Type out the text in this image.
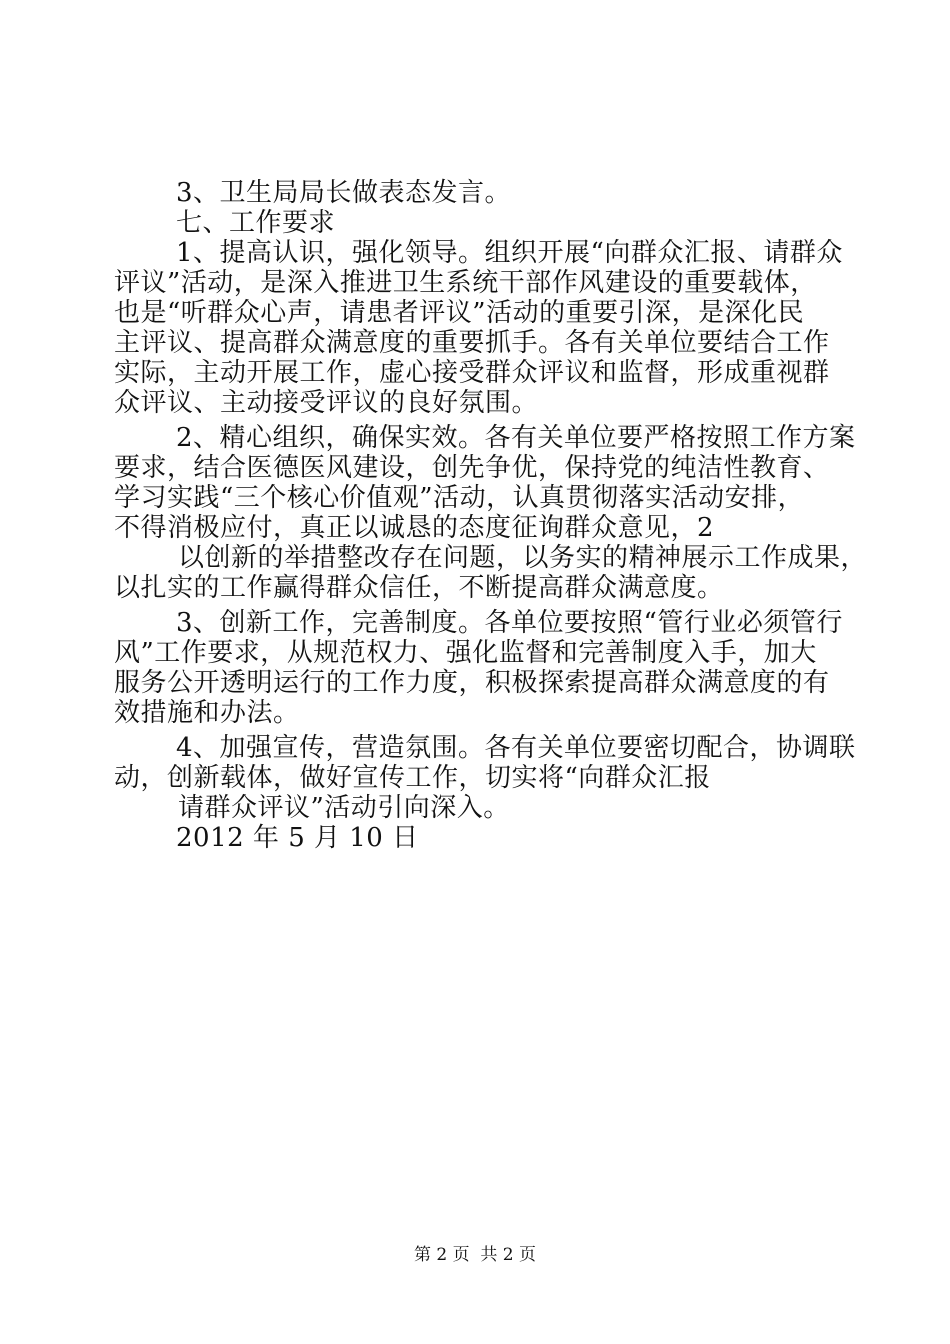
3、卫生局局长做表态发言。
七、工作要求
1、提高认识，强化领导。组织开展“向群众汇报、请群众
评议”活动，是深入推进卫生系统干部作风建设的重要载体，
也是“听群众心声，请患者评议”活动的重要引深，是深化民
主评议、提高群众满意度的重要抓手。各有关单位要结合工作
实际，主动开展工作，虚心接受群众评议和监督，形成重视群
众评议、主动接受评议的良好氛围。
2、精心组织，确保实效。各有关单位要严格按照工作方案
要求，结合医德医风建设，创先争优，保持党的纯洁性教育、
学习实践“三个核心价值观”活动，认真贯彻落实活动安排，
不得消极应付，真正以诚恳的态度征询群众意见，2
以创新的举措整改存在问题，以务实的精神展示工作成果，
以扎实的工作赢得群众信任，不断提高群众满意度。
3、创新工作，完善制度。各单位要按照“管行业必须管行
风”工作要求，从规范权力、强化监督和完善制度入手，加大
服务公开透明运行的工作力度，积极探索提高群众满意度的有
效措施和办法。
4、加强宣传，营造氛围。各有关单位要密切配合，协调联
动，创新载体，做好宣传工作，切实将“向群众汇报
请群众评议”活动引向深入。
2012 年 5 月 10 日
第 2 页  共 2 页
